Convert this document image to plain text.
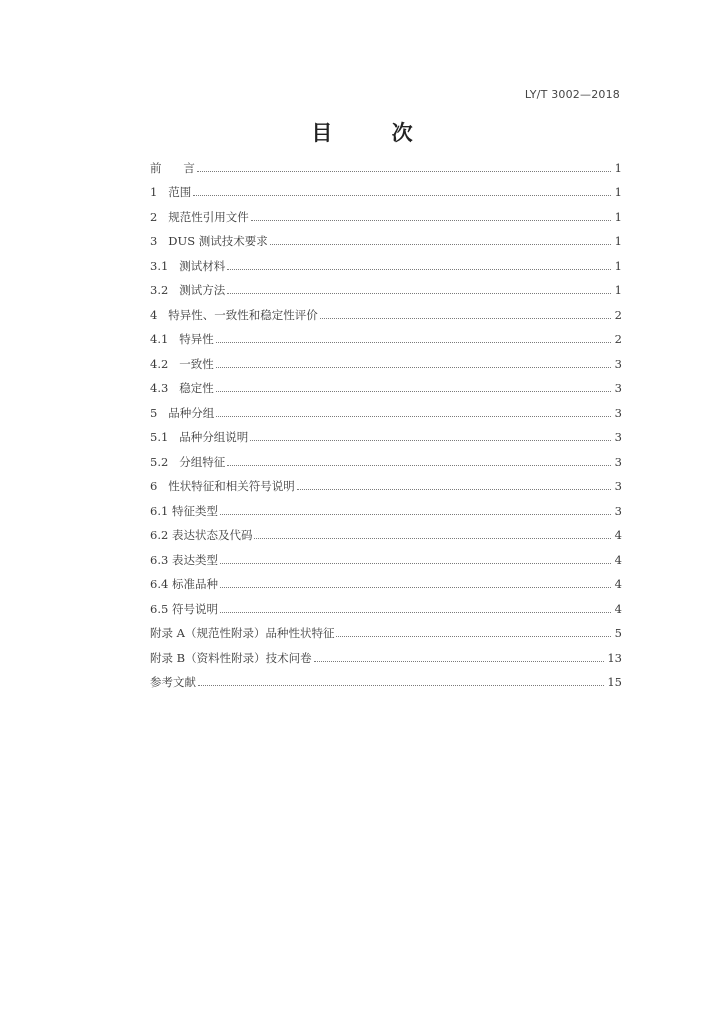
LY/T 3002—2018
目 次
前      言	1
1 范围	1
2 规范性引用文件	1
3 DUS 测试技术要求	1
3.1 测试材料	1
3.2 测试方法	1
4 特异性、一致性和稳定性评价	2
4.1 特异性	2
4.2 一致性	3
4.3 稳定性	3
5 品种分组	3
5.1 品种分组说明	3
5.2 分组特征	3
6 性状特征和相关符号说明	3
6.1 特征类型	3
6.2 表达状态及代码	4
6.3 表达类型	4
6.4 标准品种	4
6.5 符号说明	4
附录 A（规范性附录）品种性状特征	5
附录 B（资料性附录）技术问卷	13
参考文献	15
